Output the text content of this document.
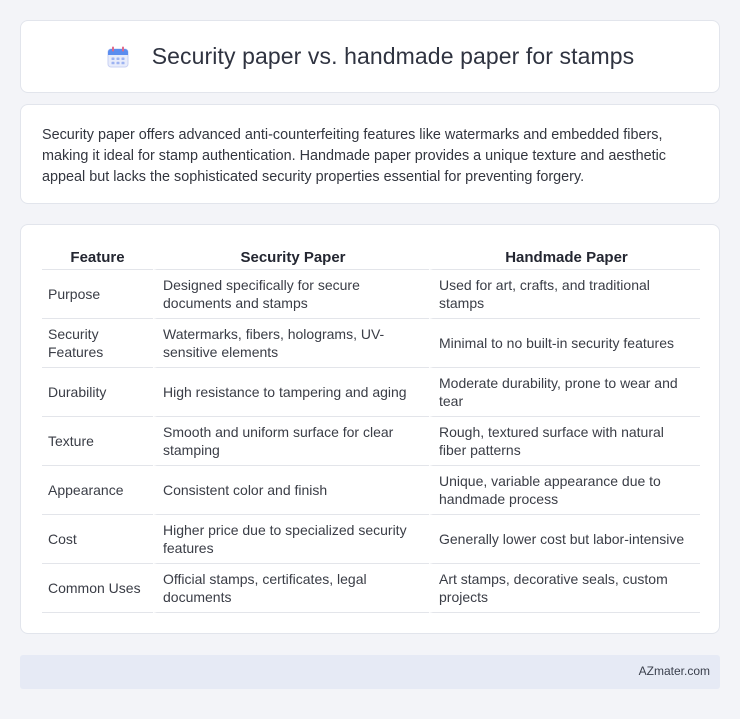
Security paper vs. handmade paper for stamps

Security paper offers advanced anti-counterfeiting features like watermarks and embedded fibers, making it ideal for stamp authentication. Handmade paper provides a unique texture and aesthetic appeal but lacks the sophisticated security properties essential for preventing forgery.

Feature	Security Paper	Handmade Paper
Purpose	Designed specifically for secure documents and stamps	Used for art, crafts, and traditional stamps
Security Features	Watermarks, fibers, holograms, UV-sensitive elements	Minimal to no built-in security features
Durability	High resistance to tampering and aging	Moderate durability, prone to wear and tear
Texture	Smooth and uniform surface for clear stamping	Rough, textured surface with natural fiber patterns
Appearance	Consistent color and finish	Unique, variable appearance due to handmade process
Cost	Higher price due to specialized security features	Generally lower cost but labor-intensive
Common Uses	Official stamps, certificates, legal documents	Art stamps, decorative seals, custom projects
AZmater.com
